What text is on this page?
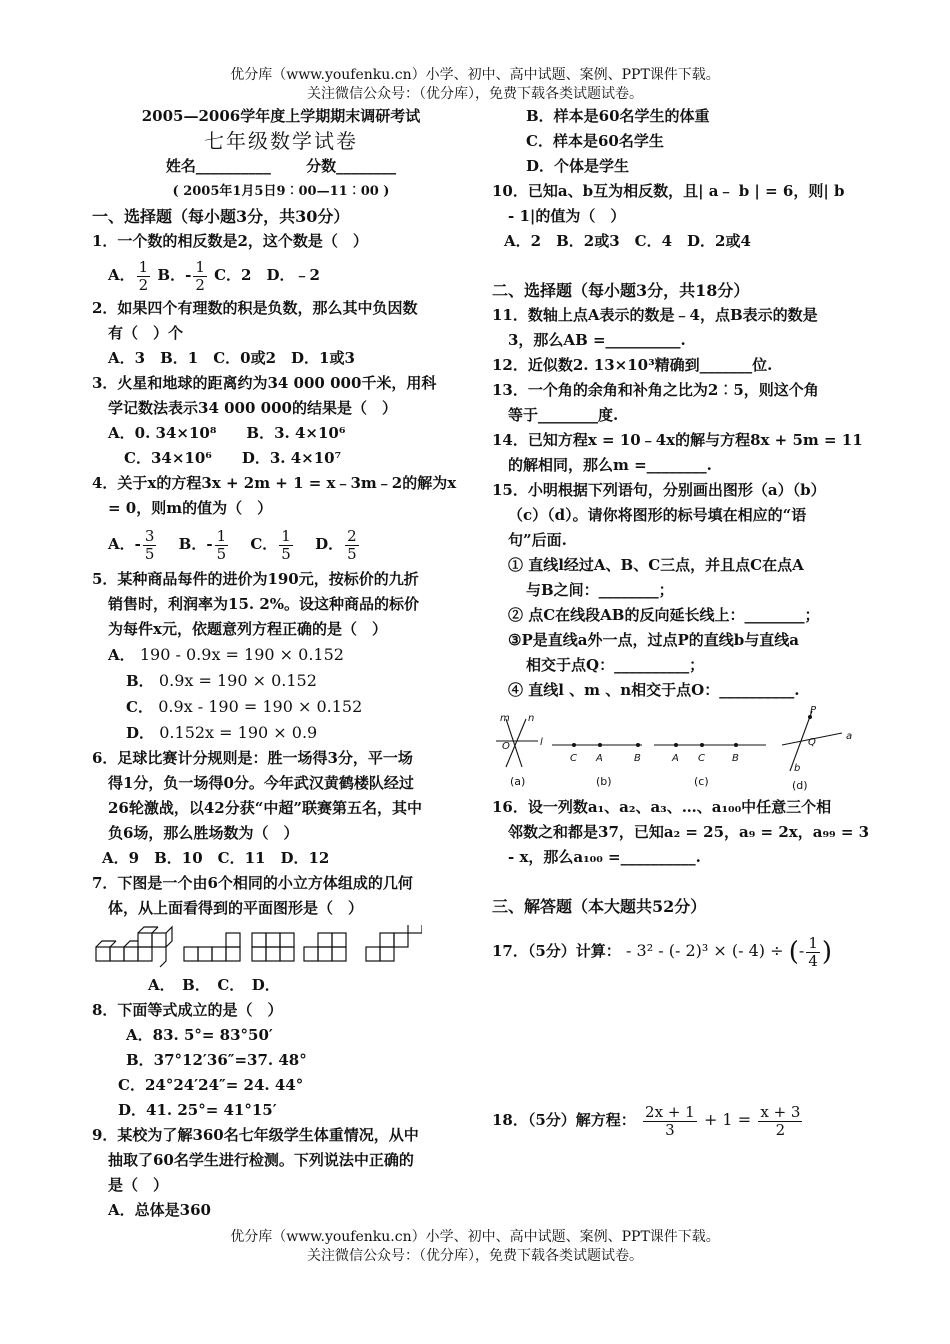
优分库（www.youfenku.cn）小学、初中、高中试题、案例、PPT课件下载。
关注微信公众号：（优分库），免费下载各类试题试卷。
2005—2006学年度上学期期末调研考试
七年级数学试卷
姓名__________　　 分数________
( 2005年1月5日9︰00—11︰00 )
一、选择题（每小题3分，共30分）
1．一个数的相反数是2，这个数是（　）
A． $\frac{1}{2}$ B．- $\frac{1}{2}$ C．2　 D．﹣2
2．如果四个有理数的积是负数，那么其中负因数
有（　）个
A．3　B．1　C．0或2　D．1或3
3．火星和地球的距离约为34 000 000千米，用科
学记数法表示34 000 000的结果是（　）
A．0. 34×10⁸　　 B．3. 4×10⁶
C．34×10⁶　　 D．3. 4×10⁷
4．关于x的方程3x + 2m + 1 = x﹣3m﹣2的解为x
= 0，则m的值为（　）
A．- $\frac{3}{5}$
　 B．- $\frac{1}{5}$
　 C． $\frac{1}{5}$
　 D． $\frac{2}{5}$
5．某种商品每件的进价为190元，按标价的九折
销售时，利润率为15. 2%。设这种商品的标价
为每件x元，依题意列方程正确的是（　）
A． 190 - 0.9x = 190 × 0.152
B． 0.9x = 190 × 0.152
C． 0.9x - 190 = 190 × 0.152
D． 0.152x = 190 × 0.9
6．足球比赛计分规则是：胜一场得3分，平一场
得1分，负一场得0分。今年武汉黄鹤楼队经过
26轮激战，以42分获“中超”联赛第五名，其中
负6场，那么胜场数为（　）
A．9　B．10　C．11　D．12
7．下图是一个由6个相同的小立方体组成的几何
体，从上面看得到的平面图形是（　）
A．　B．　C．　D．
8．下面等式成立的是（　）
A．83. 5°= 83°50′
B．37°12′36″=37. 48°
C．24°24′24″= 24. 44°
D．41. 25°= 41°15′
9．某校为了解360名七年级学生体重情况，从中
抽取了60名学生进行检测。下列说法中正确的
是（　）
A．总体是360
B．样本是60名学生的体重
C．样本是60名学生
D．个体是学生
10．已知a、b互为相反数，且| a﹣ b | = 6，则| b
- 1|的值为（　）
A．2　B．2或3　C．4　D．2或4
二、选择题（每小题3分，共18分）
11．数轴上点A表示的数是﹣4，点B表示的数是
3，那么AB =__________.
12．近似数2. 13×10³精确到_______位.
13．一个角的余角和补角之比为2︰5，则这个角
等于________度.
14．已知方程x = 10﹣4x的解与方程8x + 5m = 11
的解相同，那么m =________.
15．小明根据下列语句，分别画出图形（a）（b）
（c）（d）。请你将图形的标号填在相应的“语
句”后面.
① 直线l经过A、B、C三点，并且点C在点A
与B之间：________；
② 点C在线段AB的反向延长线上：________；
③P是直线a外一点，过点P的直线b与直线a
相交于点Q：__________；
④ 直线l 、m 、n相交于点O：__________.
m n
l
O
C A	B	A C	B
P
Q
a
b
(a)	(b)	(c)	(d)
16．设一列数a₁、a₂、a₃、…、a₁₀₀中任意三个相
邻数之和都是37，已知a₂ = 25，a₉ = 2x，a₉₉ = 3
- x，那么a₁₀₀ =__________.
三、解答题（本大题共52分）
17．（5分）计算： - 3² - (- 2)³ × (- 4) ÷ (- $\frac{1}{4}$ )
18．（5分）解方程： $\frac{2x + 1}{3} + 1 = \frac{x + 3}{2}$
优分库（www.youfenku.cn）小学、初中、高中试题、案例、PPT课件下载。
关注微信公众号：（优分库），免费下载各类试题试卷。
